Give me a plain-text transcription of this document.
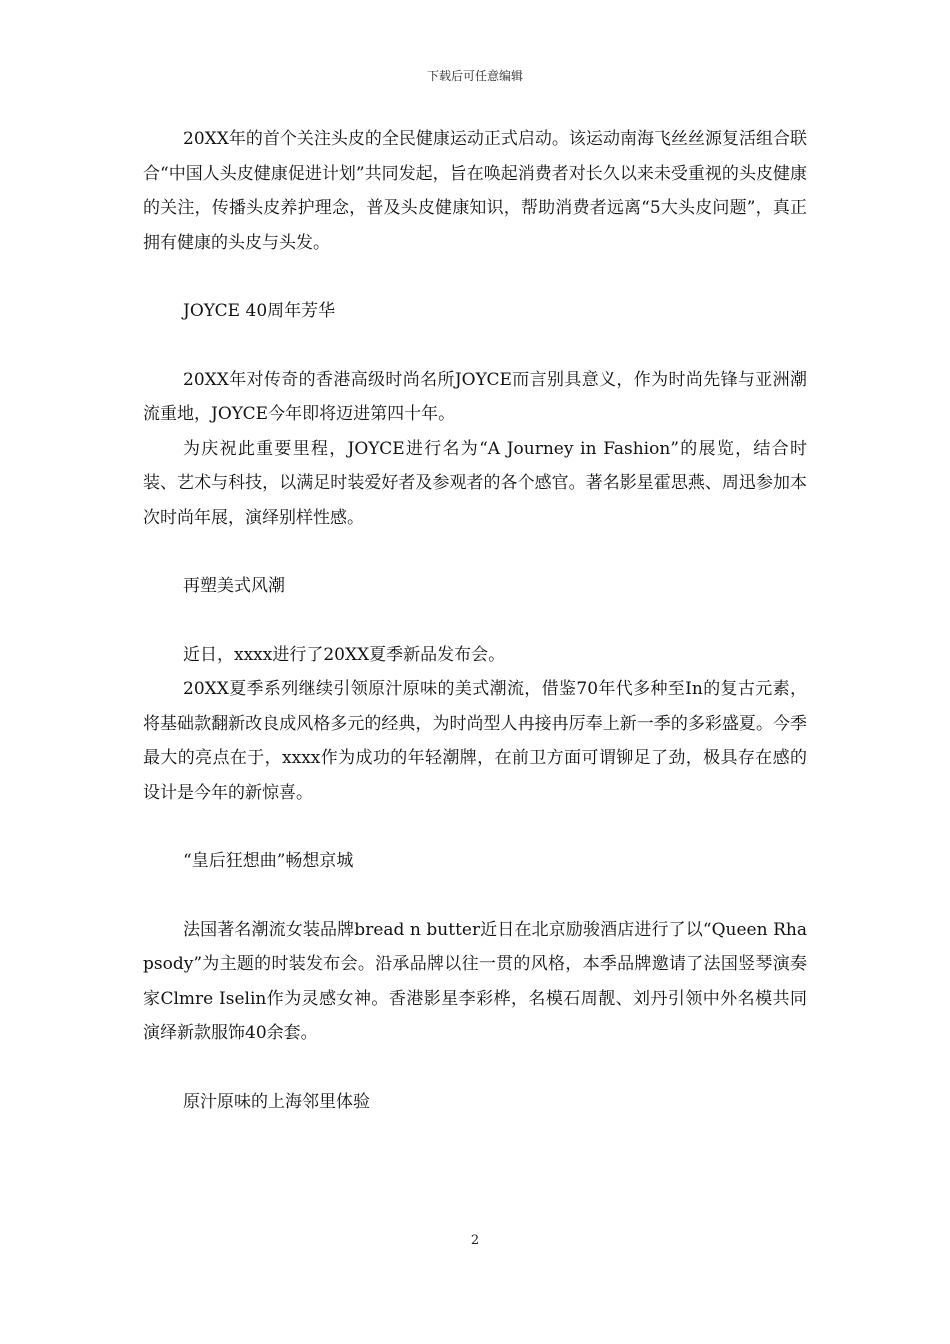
下载后可任意编辑

20XX年的首个关注头皮的全民健康运动正式启动。该运动南海飞丝丝源复活组合联合“中国人头皮健康促进计划”共同发起，旨在唤起消费者对长久以来未受重视的头皮健康的关注，传播头皮养护理念，普及头皮健康知识，帮助消费者远离“5大头皮问题”，真正拥有健康的头皮与头发。

JOYCE 40周年芳华

20XX年对传奇的香港高级时尚名所JOYCE而言别具意义，作为时尚先锋与亚洲潮流重地，JOYCE今年即将迈进第四十年。

为庆祝此重要里程，JOYCE进行名为“A Journey in Fashion”的展览，结合时装、艺术与科技，以满足时装爱好者及参观者的各个感官。著名影星霍思燕、周迅参加本次时尚年展，演绎别样性感。

再塑美式风潮

近日，xxxx进行了20XX夏季新品发布会。

20XX夏季系列继续引领原汁原味的美式潮流，借鉴70年代多种至In的复古元素，将基础款翻新改良成风格多元的经典，为时尚型人冉接冉厉奉上新一季的多彩盛夏。今季最大的亮点在于，xxxx作为成功的年轻潮牌，在前卫方面可谓铆足了劲，极具存在感的设计是今年的新惊喜。

“皇后狂想曲”畅想京城

法国著名潮流女装品牌bread n butter近日在北京励骏酒店进行了以“Queen Rhapsody”为主题的时装发布会。沿承品牌以往一贯的风格，本季品牌邀请了法国竖琴演奏家Clmre Iselin作为灵感女神。香港影星李彩桦，名模石周靓、刘丹引领中外名模共同演绎新款服饰40余套。

原汁原味的上海邻里体验

2
